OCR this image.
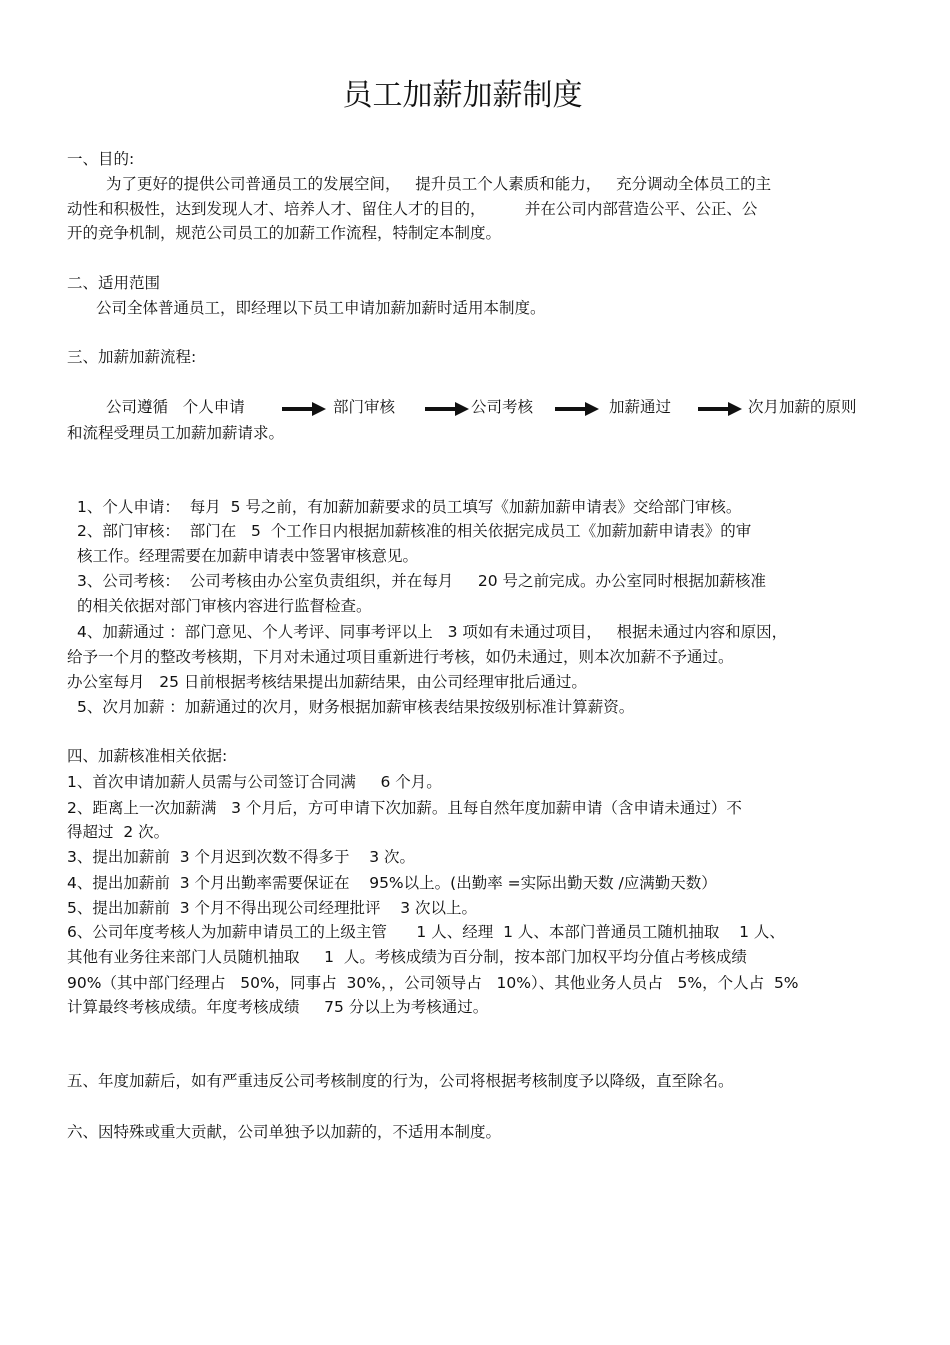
员工加薪加薪制度
一、目的:
为了更好的提供公司普通员工的发展空间，   提升员工个人素质和能力，   充分调动全体员工的主
动性和积极性，达到发现人才、培养人才、留住人才的目的，        并在公司内部营造公平、公正、公
开的竞争机制，规范公司员工的加薪工作流程，特制定本制度。
二、适用范围
公司全体普通员工，即经理以下员工申请加薪加薪时适用本制度。
三、加薪加薪流程:
公司遵循   个人申请	部门审核	公司考核	加薪通过	次月加薪的原则
和流程受理员工加薪加薪请求。
1、个人申请：  每月  5 号之前，有加薪加薪要求的员工填写《加薪加薪申请表》交给部门审核。
2、部门审核：  部门在   5  个工作日内根据加薪核准的相关依据完成员工《加薪加薪申请表》的审
核工作。经理需要在加薪申请表中签署审核意见。
3、公司考核：  公司考核由办公室负责组织，并在每月     20 号之前完成。办公室同时根据加薪核准
的相关依据对部门审核内容进行监督检查。
4、加薪通过 ：部门意见、个人考评、同事考评以上   3 项如有未通过项目，   根据未通过内容和原因，
给予一个月的整改考核期，下月对未通过项目重新进行考核，如仍未通过，则本次加薪不予通过。
办公室每月   25 日前根据考核结果提出加薪结果，由公司经理审批后通过。
5、次月加薪 ：加薪通过的次月，财务根据加薪审核表结果按级别标准计算薪资。
四、加薪核准相关依据:
1、首次申请加薪人员需与公司签订合同满     6 个月。
2、距离上一次加薪满   3 个月后，方可申请下次加薪。且每自然年度加薪申请（含申请未通过）不
得超过  2 次。
3、提出加薪前  3 个月迟到次数不得多于    3 次。
4、提出加薪前  3 个月出勤率需要保证在    95%以上。(出勤率 =实际出勤天数 /应满勤天数）
5、提出加薪前  3 个月不得出现公司经理批评    3 次以上。
6、公司年度考核人为加薪申请员工的上级主管      1 人、经理  1 人、本部门普通员工随机抽取    1 人、
其他有业务往来部门人员随机抽取     1  人。考核成绩为百分制，按本部门加权平均分值占考核成绩
90%（其中部门经理占   50%，同事占  30%，，公司领导占   10%）、其他业务人员占   5%，个人占  5%
计算最终考核成绩。年度考核成绩     75 分以上为考核通过。
五、年度加薪后，如有严重违反公司考核制度的行为，公司将根据考核制度予以降级，直至除名。
六、因特殊或重大贡献，公司单独予以加薪的，不适用本制度。
